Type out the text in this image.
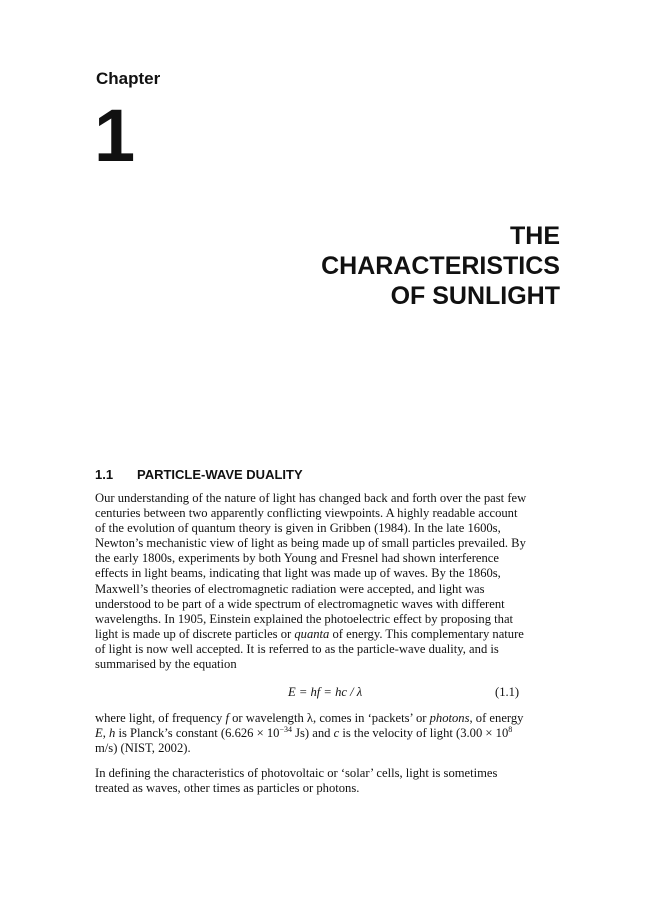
Chapter
1
THE
CHARACTERISTICS
OF SUNLIGHT
1.1 PARTICLE-WAVE DUALITY

Our understanding of the nature of light has changed back and forth over the past few

centuries between two apparently conflicting viewpoints. A highly readable account

of the evolution of quantum theory is given in Gribben (1984). In the late 1600s,

Newton’s mechanistic view of light as being made up of small particles prevailed. By

the early 1800s, experiments by both Young and Fresnel had shown interference

effects in light beams, indicating that light was made up of waves. By the 1860s,

Maxwell’s theories of electromagnetic radiation were accepted, and light was

understood to be part of a wide spectrum of electromagnetic waves with different

wavelengths. In 1905, Einstein explained the photoelectric effect by proposing that

light is made up of discrete particles or quanta of energy. This complementary nature

of light is now well accepted. It is referred to as the particle-wave duality, and is

summarised by the equation

E = hf = hc / λ	(1.1)

where light, of frequency f or wavelength λ, comes in ‘packets’ or photons, of energy

E, h is Planck’s constant ($6.626 \times 10^{-34}$ Js) and c is the velocity of light ($3.00 \times 10^8$

m/s) (NIST, 2002).

In defining the characteristics of photovoltaic or ‘solar’ cells, light is sometimes

treated as waves, other times as particles or photons.
